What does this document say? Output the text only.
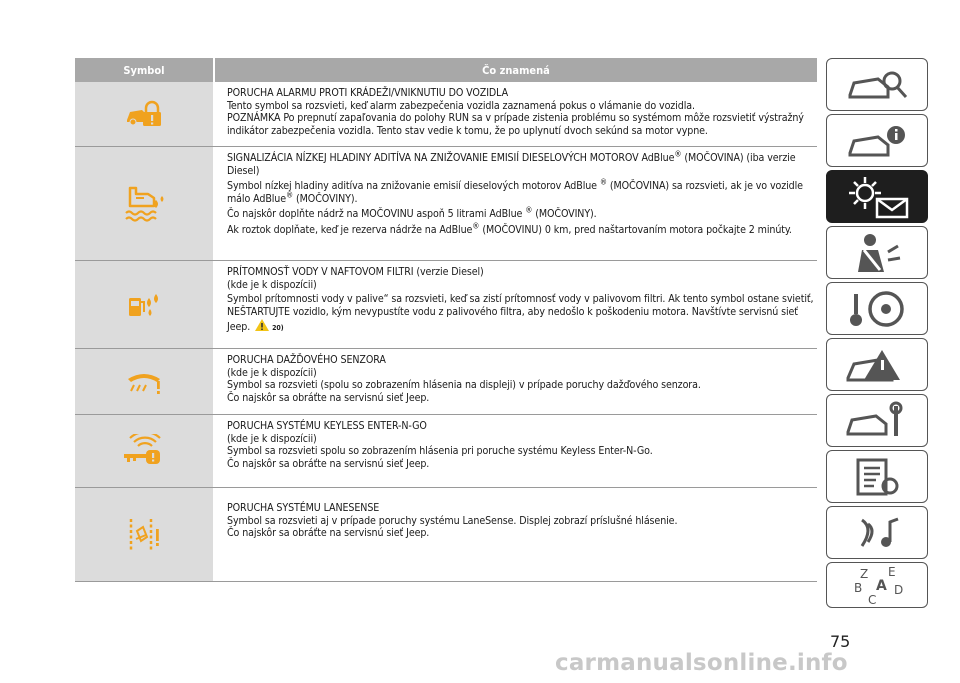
Symbol	Čo znamená

PORUCHA ALARMU PROTI KRÁDEŽI/VNIKNUTIU DO VOZIDLA

Tento symbol sa rozsvieti, keď alarm zabezpečenia vozidla zaznamená pokus o vlámanie do vozidla.

POZNÁMKA Po prepnutí zapaľovania do polohy RUN sa v prípade zistenia problému so systémom môže rozsvietiť výstražný indikátor zabezpečenia vozidla. Tento stav vedie k tomu, že po uplynutí dvoch sekúnd sa motor vypne.

SIGNALIZÁCIA NÍZKEJ HLADINY ADITÍVA NA ZNIŽOVANIE EMISIÍ DIESELOVÝCH MOTOROV AdBlue® (MOČOVINA) (iba verzie Diesel)

Symbol nízkej hladiny aditíva na znižovanie emisií dieselových motorov AdBlue ® (MOČOVINA) sa rozsvieti, ak je vo vozidle málo AdBlue® (MOČOVINY).

Čo najskôr doplňte nádrž na MOČOVINU aspoň 5 litrami AdBlue ® (MOČOVINY).

Ak roztok doplňate, keď je rezerva nádrže na AdBlue® (MOČOVINU) 0 km, pred naštartovaním motora počkajte 2 minúty.

PRÍTOMNOSŤ VODY V NAFTOVOM FILTRI (verzie Diesel)

(kde je k dispozícii)

Symbol prítomnosti vody v palive“ sa rozsvieti, keď sa zistí prítomnosť vody v palivovom filtri. Ak tento symbol ostane svietiť, NEŠTARTUJTE vozidlo, kým nevypustíte vodu z palivového filtra, aby nedošlo k poškodeniu motora. Navštívte servisnú sieť Jeep.	20)

PORUCHA DAŽĎOVÉHO SENZORA

(kde je k dispozícii)

Symbol sa rozsvieti (spolu so zobrazením hlásenia na displeji) v prípade poruchy dažďového senzora.

Čo najskôr sa obráťte na servisnú sieť Jeep.

PORUCHA SYSTÉMU KEYLESS ENTER-N-GO

(kde je k dispozícii)

Symbol sa rozsvieti spolu so zobrazením hlásenia pri poruche systému Keyless Enter-N-Go.

Čo najskôr sa obráťte na servisnú sieť Jeep.

PORUCHA SYSTÉMU LANESENSE

Symbol sa rozsvieti aj v prípade poruchy systému LaneSense. Displej zobrazí príslušné hlásenie.

Čo najskôr sa obráťte na servisnú sieť Jeep.

Z E
B A D
C
75
carmanualsonline.info
